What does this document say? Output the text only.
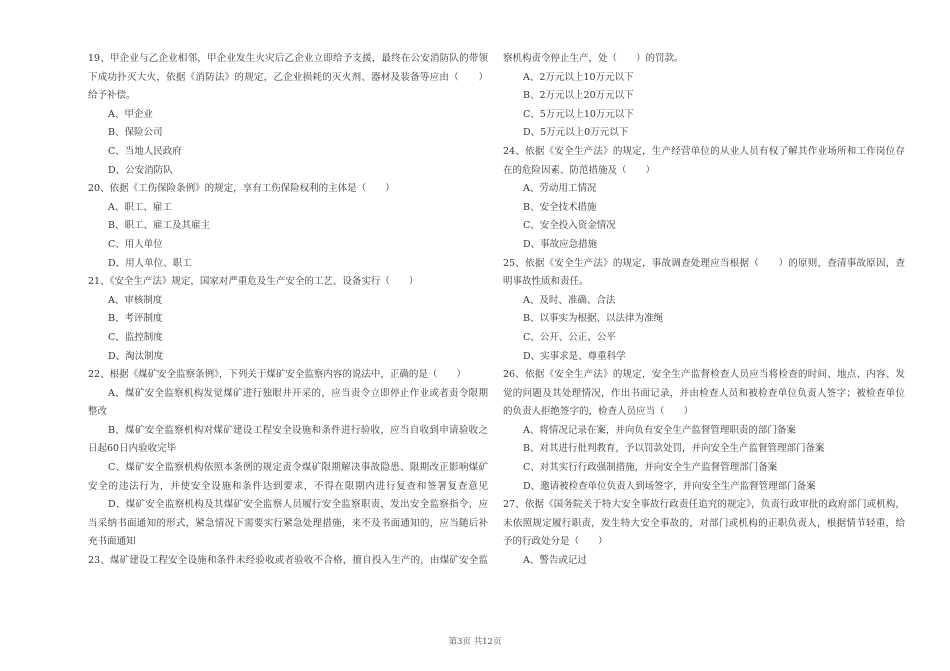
19、甲企业与乙企业相邻，甲企业发生火灾后乙企业立即给予支援，最终在公安消防队的带领
下成功扑灭大火，依据《消防法》的规定，乙企业损耗的灭火剂、器材及装备等应由（　　）
给予补偿。
A、甲企业
B、保险公司
C、当地人民政府
D、公安消防队
20、依据《工伤保险条例》的规定，享有工伤保险权利的主体是（　　）
A、职工、雇工
B、职工、雇工及其雇主
C、用人单位
D、用人单位、职工
21、《安全生产法》规定，国家对严重危及生产安全的工艺、设备实行（　　）
A、审核制度
B、考评制度
C、监控制度
D、淘汰制度
22、根据《煤矿安全监察条例》，下列关于煤矿安全监察内容的说法中，正确的是（　　）
A、煤矿安全监察机构发觉煤矿进行独眼井开采的，应当责令立即停止作业或者责令限期
整改
B、煤矿安全监察机构对煤矿建设工程安全设施和条件进行验收，应当自收到申请验收之
日起60日内验收完毕
C、煤矿安全监察机构依照本条例的规定责令煤矿限期解决事故隐患、限期改正影响煤矿
安全的违法行为，并使安全设施和条件达到要求，不得在限期内进行复查和签署复查意见
D、煤矿安全监察机构及其煤矿安全监察人员履行安全监察职责，发出安全监察指令，应
当采纳书面通知的形式，紧急情况下需要实行紧急处理措施，来不及书面通知的，应当随后补
充书面通知
23、煤矿建设工程安全设施和条件未经验收或者验收不合格，擅自投入生产的，由煤矿安全监
察机构责令停止生产，处（　　）的罚款。
A、2万元以上10万元以下
B、2万元以上20万元以下
C、5万元以上10万元以下
D、5万元以上0万元以下
24、依据《安全生产法》的规定，生产经营单位的从业人员有权了解其作业场所和工作岗位存
在的危险因素、防范措施及（　　）
A、劳动用工情况
B、安全技术措施
C、安全投入资金情况
D、事故应急措施
25、依据《安全生产法》的规定，事故调查处理应当根据（　　）的原则，查清事故原因，查
明事故性质和责任。
A、及时、准确、合法
B、以事实为根据、以法律为准绳
C、公开、公正、公平
D、实事求是、尊重科学
26、依据《安全生产法》的规定，安全生产监督检查人员应当将检查的时间、地点、内容、发
觉的问题及其处理情况，作出书面记录，并由检查人员和被检查单位负责人签字；被检查单位
的负责人拒绝签字的，检查人员应当（　　）
A、将情况记录在案，并向负有安全生产监督管理职责的部门备案
B、对其进行批判教育，予以罚款处罚，并向安全生产监督管理部门备案
C、对其实行行政强制措施，并向安全生产监督管理部门备案
D、邀请被检查单位负责人到场签字，并向安全生产监督管理部门备案
27、依据《国务院关于特大安全事故行政责任追究的规定》，负责行政审批的政府部门或机构，
未依照规定履行职责，发生特大安全事故的，对部门或机构的正职负责人，根据情节轻重，给
予的行政处分是（　　）
A、警告或记过
第3页 共12页
